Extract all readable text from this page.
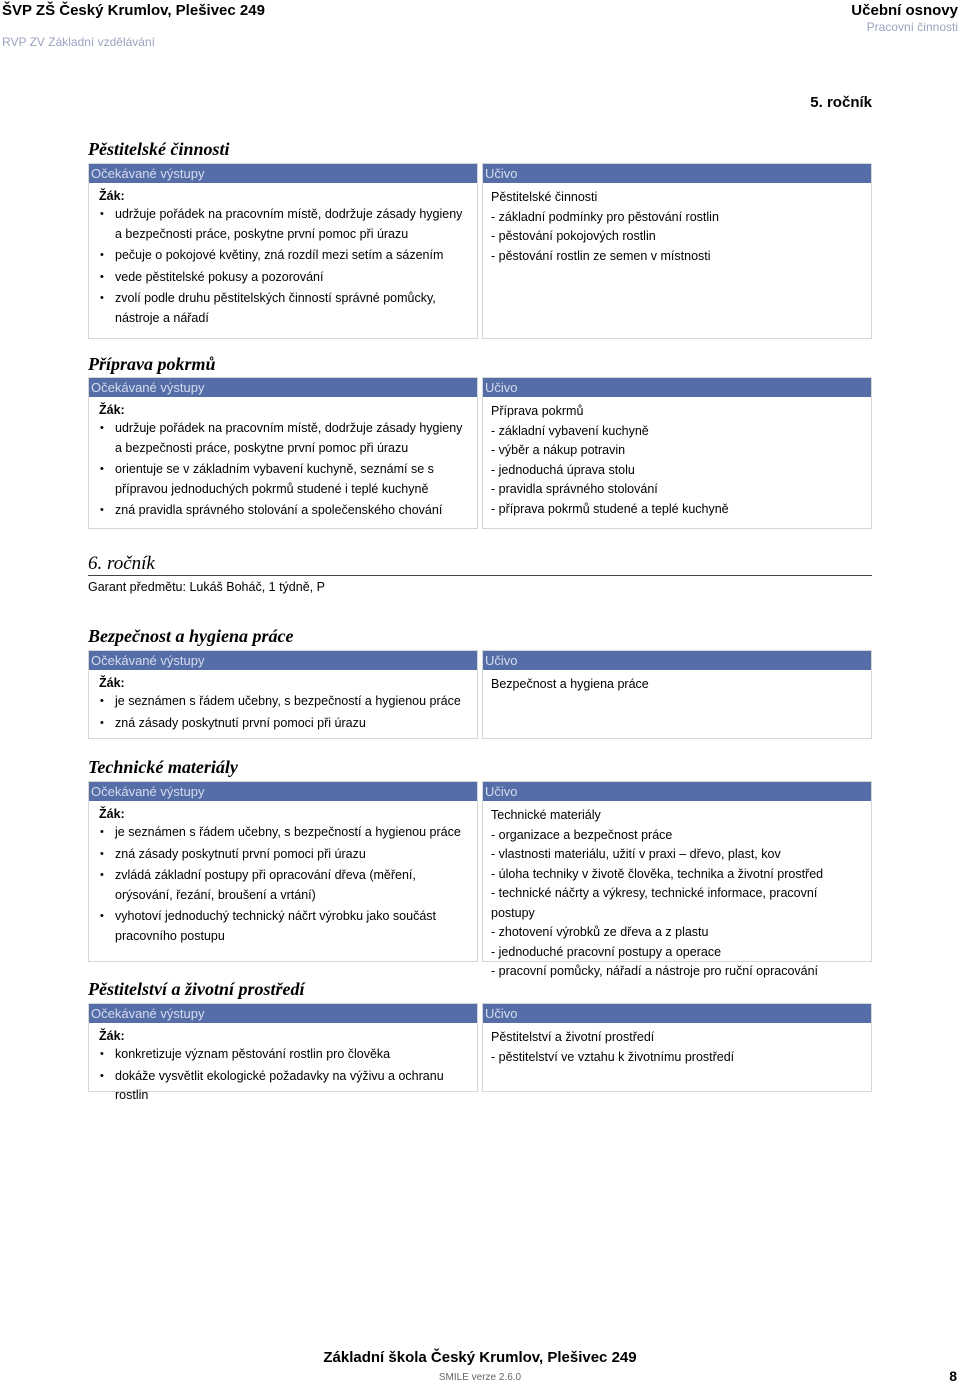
ŠVP ZŠ Český Krumlov, Plešivec 249
RVP ZV Základní vzdělávání
Učební osnovy
Pracovní činnosti
5. ročník
Pěstitelské činnosti
Očekávané výstupy
Žák:
• udržuje pořádek na pracovním místě, dodržuje zásady hygieny a bezpečnosti práce, poskytne první pomoc při úrazu
• pečuje o pokojové květiny, zná rozdíl mezi setím a sázením
• vede pěstitelské pokusy a pozorování
• zvolí podle druhu pěstitelských činností správné pomůcky, nástroje a nářadí
Učivo
Pěstitelské činnosti
- základní podmínky pro pěstování rostlin
- pěstování pokojových rostlin
- pěstování rostlin ze semen v místnosti
Příprava pokrmů
Očekávané výstupy
Žák:
• udržuje pořádek na pracovním místě, dodržuje zásady hygieny a bezpečnosti práce, poskytne první pomoc při úrazu
• orientuje se v základním vybavení kuchyně, seznámí se s přípravou jednoduchých pokrmů studené i teplé kuchyně
• zná pravidla správného stolování a společenského chování
Učivo
Příprava pokrmů
- základní vybavení kuchyně
- výběr a nákup potravin
- jednoduchá úprava stolu
- pravidla správného stolování
- příprava pokrmů studené a teplé kuchyně
6. ročník
Garant předmětu: Lukáš Boháč, 1 týdně, P
Bezpečnost a hygiena práce
Očekávané výstupy
Žák:
• je seznámen s řádem učebny, s bezpečností a hygienou práce
• zná zásady poskytnutí první pomoci při úrazu
Učivo
Bezpečnost a hygiena práce
Technické materiály
Očekávané výstupy
Žák:
• je seznámen s řádem učebny, s bezpečností a hygienou práce
• zná zásady poskytnutí první pomoci při úrazu
• zvládá základní postupy při opracování dřeva (měření, orýsování, řezání, broušení a vrtání)
• vyhotoví jednoduchý technický náčrt výrobku jako součást pracovního postupu
Učivo
Technické materiály
- organizace a bezpečnost práce
- vlastnosti materiálu, užití v praxi – dřevo, plast, kov
- úloha techniky v životě člověka, technika a životní prostřed
- technické náčrty a výkresy, technické informace, pracovní postupy
- zhotovení výrobků ze dřeva a z plastu
- jednoduché pracovní postupy a operace
- pracovní pomůcky, nářadí a nástroje pro ruční opracování
Pěstitelství a životní prostředí
Očekávané výstupy
Žák:
• konkretizuje význam pěstování rostlin pro člověka
• dokáže vysvětlit ekologické požadavky na výživu a ochranu rostlin
Učivo
Pěstitelství a životní prostředí
- pěstitelství ve vztahu k životnímu prostředí
Základní škola Český Krumlov, Plešivec 249
SMILE verze 2.6.0	8
